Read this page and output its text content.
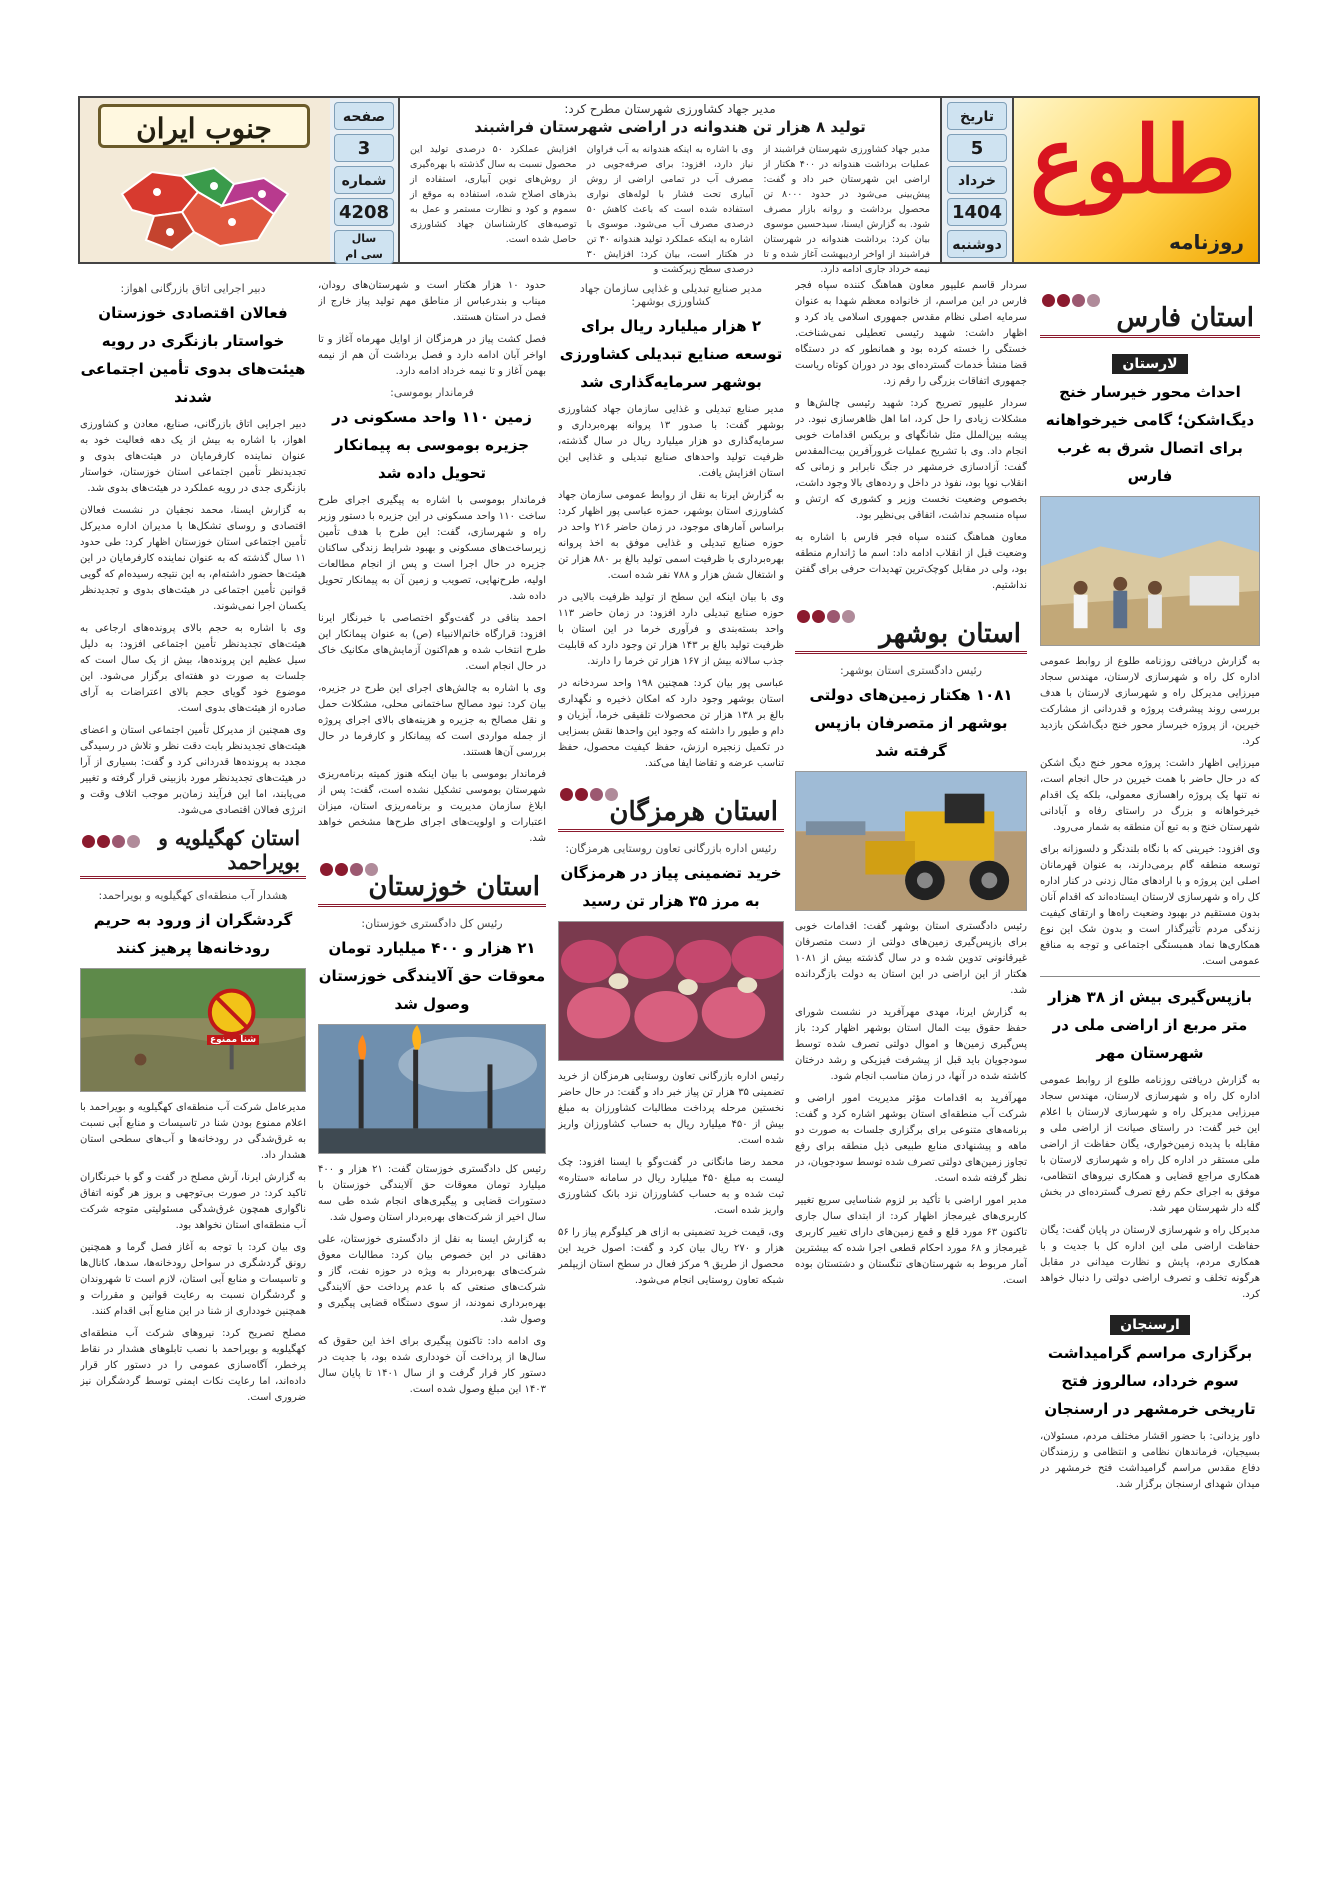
طلوع
روزنامه
تاریخ
5
خرداد
1404
دوشنبه
مدیر جهاد کشاورزی شهرستان مطرح کرد:
تولید ۸ هزار تن هندوانه در اراضی شهرستان فراشبند

مدیر جهاد کشاورزی شهرستان فراشبند از عملیات برداشت هندوانه در ۴۰۰ هکتار از اراضی این شهرستان خبر داد و گفت: پیش‌بینی می‌شود در حدود ۸۰۰۰ تن محصول برداشت و روانه بازار مصرف شود. به گزارش ایسنا، سیدحسین موسوی بیان کرد: برداشت هندوانه در شهرستان فراشبند از اواخر اردیبهشت آغاز شده و تا نیمه خرداد جاری ادامه دارد.

وی با اشاره به اینکه هندوانه به آب فراوان نیاز دارد، افزود: برای صرفه‌جویی در مصرف آب در تمامی اراضی از روش آبیاری تحت فشار با لوله‌های نواری استفاده شده است که باعث کاهش ۵۰ درصدی مصرف آب می‌شود. موسوی با اشاره به اینکه عملکرد تولید هندوانه ۴۰ تن در هکتار است، بیان کرد: افزایش ۳۰ درصدی سطح زیرکشت و

افزایش عملکرد ۵۰ درصدی تولید این محصول نسبت به سال گذشته با بهره‌گیری از روش‌های نوین آبیاری، استفاده از بذرهای اصلاح شده، استفاده به موقع از سموم و کود و نظارت مستمر و عمل به توصیه‌های کارشناسان جهاد کشاورزی حاصل شده است.

صفحه
3
شماره
4208
سال
سی ام
جنوب ایران
استان فارس
لارستان
احداث محور خیرسار خنج دیگ‌اشکن؛ گامی خیرخواهانه برای اتصال شرق به غرب فارس

به گزارش دریافتی روزنامه طلوع از روابط عمومی اداره کل راه و شهرسازی لارستان، مهندس سجاد میرزایی مدیرکل راه و شهرسازی لارستان با هدف بررسی روند پیشرفت پروژه و قدردانی از مشارکت خیرین، از پروژه خیرساز محور خنج دیگ‌اشکن بازدید کرد.

میرزایی اظهار داشت: پروژه محور خنج دیگ اشکن که در حال حاضر با همت خیرین در حال انجام است، نه تنها یک پروژه راهسازی معمولی، بلکه یک اقدام خیرخواهانه و بزرگ در راستای رفاه و آبادانی شهرستان خنج و به تبع آن منطقه به شمار می‌رود.

وی افزود: خیرینی که با نگاه بلندنگر و دلسوزانه برای توسعه منطقه گام برمی‌دارند، به عنوان قهرمانان اصلی این پروژه و با ارادهای مثال زدنی در کنار اداره کل راه و شهرسازی لارستان ایستاده‌اند که اقدام آنان بدون مستقیم در بهبود وضعیت راه‌ها و ارتقای کیفیت زندگی مردم تأثیرگذار است و بدون شک این نوع همکاری‌ها نماد همبستگی اجتماعی و توجه به منافع عمومی است.

بازپس‌گیری بیش از ۳۸ هزار متر مربع از اراضی ملی در شهرستان مهر

به گزارش دریافتی روزنامه طلوع از روابط عمومی اداره کل راه و شهرسازی لارستان، مهندس سجاد میرزایی مدیرکل راه و شهرسازی لارستان با اعلام این خبر گفت: در راستای صیانت از اراضی ملی و مقابله با پدیده زمین‌خواری، یگان حفاظت از اراضی ملی مستقر در اداره کل راه و شهرسازی لارستان با همکاری مراجع قضایی و همکاری نیروهای انتظامی، موفق به اجرای حکم رفع تصرف گسترده‌ای در بخش گله دار شهرستان مهر شد.

مدیرکل راه و شهرسازی لارستان در پایان گفت: یگان حفاظت اراضی ملی این اداره کل با جدیت و با همکاری مردم، پایش و نظارت میدانی در مقابل هرگونه تخلف و تصرف اراضی دولتی را دنبال خواهد کرد.

ارسنجان
برگزاری مراسم گرامیداشت سوم خرداد، سالروز فتح تاریخی خرمشهر در ارسنجان

داور یزدانی: با حضور اقشار مختلف مردم، مسئولان، بسیجیان، فرماندهان نظامی و انتظامی و رزمندگان دفاع مقدس مراسم گرامیداشت فتح خرمشهر در میدان شهدای ارسنجان برگزار شد.

سردار قاسم علیپور معاون هماهنگ کننده سپاه فجر فارس در این مراسم، از خانواده معظم شهدا به عنوان سرمایه اصلی نظام مقدس جمهوری اسلامی یاد کرد و اظهار داشت: شهید رئیسی تعطیلی نمی‌شناخت. خستگی را خسته کرده بود و همانطور که در دستگاه قضا منشأ خدمات گسترده‌ای بود در دوران کوتاه ریاست جمهوری اتفاقات بزرگی را رقم زد.

سردار علیپور تصریح کرد: شهید رئیسی چالش‌ها و مشکلات زیادی را حل کرد، اما اهل ظاهرسازی نبود. در پیشه بین‌الملل مثل شانگهای و بریکس اقدامات خوبی انجام داد. وی با تشریح عملیات غرورآفرین بیت‌المقدس گفت: آزادسازی خرمشهر در جنگ نابرابر و زمانی که انقلاب نوپا بود، نفوذ در داخل و رده‌های بالا وجود داشت، بخصوص وضعیت نخست وزیر و کشوری که ارتش و سپاه منسجم نداشت، اتفاقی بی‌نظیر بود.

معاون هماهنگ کننده سپاه فجر فارس با اشاره به وضعیت قبل از انقلاب ادامه داد: اسم ما ژاندارم منطقه بود، ولی در مقابل کوچک‌ترین تهدیدات حرفی برای گفتن نداشتیم.

استان بوشهر
رئیس دادگستری استان بوشهر:
۱۰۸۱ هکتار زمین‌های دولتی بوشهر از متصرفان بازپس گرفته شد

رئیس دادگستری استان بوشهر گفت: اقدامات خوبی برای بازپس‌گیری زمین‌های دولتی از دست متصرفان غیرقانونی تدوین شده و در سال گذشته بیش از ۱۰۸۱ هکتار از این اراضی در این استان به دولت بازگردانده شد.

به گزارش ایرنا، مهدی مهرآفرید در نشست شورای حفظ حقوق بیت المال استان بوشهر اظهار کرد: باز پس‌گیری زمین‌ها و اموال دولتی تصرف شده توسط سودجویان باید قبل از پیشرفت فیزیکی و رشد درختان کاشته شده در آنها، در زمان مناسب انجام شود.

مهرآفرید به اقدامات مؤثر مدیریت امور اراضی و شرکت آب منطقه‌ای استان بوشهر اشاره کرد و گفت: برنامه‌های متنوعی برای برگزاری جلسات به صورت دو ماهه و پیشنهادی منابع طبیعی ذیل منطقه برای رفع تجاوز زمین‌های دولتی تصرف شده توسط سودجویان، در نظر گرفته شده است.

مدیر امور اراضی با تأکید بر لزوم شناسایی سریع تغییر کاربری‌های غیرمجاز اظهار کرد: از ابتدای سال جاری تاکنون ۶۳ مورد قلع و قمع زمین‌های دارای تغییر کاربری غیرمجاز و ۶۸ مورد احکام قطعی اجرا شده که بیشترین آمار مربوط به شهرستان‌های تنگستان و دشتستان بوده است.

مدیر صنایع تبدیلی و غذایی سازمان جهاد کشاورزی بوشهر:
۲ هزار میلیارد ریال برای توسعه صنایع تبدیلی کشاورزی بوشهر سرمایه‌گذاری شد

مدیر صنایع تبدیلی و غذایی سازمان جهاد کشاورزی بوشهر گفت: با صدور ۱۳ پروانه بهره‌برداری و سرمایه‌گذاری دو هزار میلیارد ریال در سال گذشته، ظرفیت تولید واحدهای صنایع تبدیلی و غذایی این استان افزایش یافت.

به گزارش ایرنا به نقل از روابط عمومی سازمان جهاد کشاورزی استان بوشهر، حمزه عباسی پور اظهار کرد: براساس آمارهای موجود، در زمان حاضر ۲۱۶ واحد در حوزه صنایع تبدیلی و غذایی موفق به اخذ پروانه بهره‌برداری با ظرفیت اسمی تولید بالغ بر ۸۸۰ هزار تن و اشتغال شش هزار و ۷۸۸ نفر شده است.

وی با بیان اینکه این سطح از تولید ظرفیت بالایی در حوزه صنایع تبدیلی دارد افزود: در زمان حاضر ۱۱۳ واحد بسته‌بندی و فرآوری خرما در این استان با ظرفیت تولید بالغ بر ۱۴۳ هزار تن وجود دارد که قابلیت جذب سالانه بیش از ۱۶۷ هزار تن خرما را دارند.

عباسی پور بیان کرد: همچنین ۱۹۸ واحد سردخانه در استان بوشهر وجود دارد که امکان ذخیره و نگهداری بالغ بر ۱۳۸ هزار تن محصولات تلفیقی خرما، آبزیان و دام و طیور را داشته که وجود این واحدها نقش بسزایی در تکمیل زنجیره ارزش، حفظ کیفیت محصول، حفظ تناسب عرضه و تقاضا ایفا می‌کند.

استان هرمزگان
رئیس اداره بازرگانی تعاون روستایی هرمزگان:
خرید تضمینی پیاز در هرمزگان به مرز ۳۵ هزار تن رسید

رئیس اداره بازرگانی تعاون روستایی هرمزگان از خرید تضمینی ۳۵ هزار تن پیاز خبر داد و گفت: در حال حاضر نخستین مرحله پرداخت مطالبات کشاورزان به مبلغ بیش از ۴۵۰ میلیارد ریال به حساب کشاورزان واریز شده است.

محمد رضا مانگانی در گفت‌وگو با ایسنا افزود: چک لیست به مبلغ ۴۵۰ میلیارد ریال در سامانه «ستاره» ثبت شده و به حساب کشاورزان نزد بانک کشاورزی واریز شده است.

وی، قیمت خرید تضمینی به ازای هر کیلوگرم پیاز را ۵۶ هزار و ۲۷۰ ریال بیان کرد و گفت: اصول خرید این محصول از طریق ۹ مرکز فعال در سطح استان ازیپلمر شبکه تعاون روستایی انجام می‌شود.

حدود ۱۰ هزار هکتار است و شهرستان‌های رودان، میناب و بندرعباس از مناطق مهم تولید پیاز خارج از فصل در استان هستند.

فصل کشت پیاز در هرمزگان از اوایل مهرماه آغاز و تا اواخر آبان ادامه دارد و فصل برداشت آن هم از نیمه بهمن آغاز و تا نیمه خرداد ادامه دارد.

فرماندار بوموسی:
زمین ۱۱۰ واحد مسکونی در جزیره بوموسی به پیمانکار تحویل داده شد

فرماندار بوموسی با اشاره به پیگیری اجرای طرح ساخت ۱۱۰ واحد مسکونی در این جزیره با دستور وزیر راه و شهرسازی، گفت: این طرح با هدف تأمین زیرساخت‌های مسکونی و بهبود شرایط زندگی ساکنان جزیره در حال اجرا است و پس از انجام مطالعات اولیه، طرح‌نهایی، تصویب و زمین آن به پیمانکار تحویل داده شد.

احمد بناقی در گفت‌وگو اختصاصی با خبرنگار ایرنا افزود: قرارگاه خاتم‌الانبیاء (ص) به عنوان پیمانکار این طرح انتخاب شده و هم‌اکنون آزمایش‌های مکانیک خاک در حال انجام است.

وی با اشاره به چالش‌های اجرای این طرح در جزیره، بیان کرد: نبود مصالح ساختمانی محلی، مشکلات حمل و نقل مصالح به جزیره و هزینه‌های بالای اجرای پروژه از جمله مواردی است که پیمانکار و کارفرما در حال بررسی آن‌ها هستند.

فرماندار بوموسی با بیان اینکه هنوز کمیته برنامه‌ریزی شهرستان بوموسی تشکیل نشده است، گفت: پس از ابلاغ سازمان مدیریت و برنامه‌ریزی استان، میزان اعتبارات و اولویت‌های اجرای طرح‌ها مشخص خواهد شد.

استان خوزستان
رئیس کل دادگستری خوزستان:
۲۱ هزار و ۴۰۰ میلیارد تومان معوقات حق آلایندگی خوزستان وصول شد

رئیس کل دادگستری خوزستان گفت: ۲۱ هزار و ۴۰۰ میلیارد تومان معوقات حق آلایندگی خوزستان با دستورات قضایی و پیگیری‌های انجام شده طی سه سال اخیر از شرکت‌های بهره‌بردار استان وصول شد.

به گزارش ایسنا به نقل از دادگستری خوزستان، علی دهقانی در این خصوص بیان کرد: مطالبات معوق شرکت‌های بهره‌بردار به ویژه در حوزه نفت، گاز و شرکت‌های صنعتی که با عدم پرداخت حق آلایندگی بهره‌برداری نمودند، از سوی دستگاه قضایی پیگیری و وصول شد.

وی ادامه داد: تاکنون پیگیری برای اخذ این حقوق که سال‌ها از پرداخت آن خودداری شده بود، با جدیت در دستور کار قرار گرفت و از سال ۱۴۰۱ تا پایان سال ۱۴۰۳ این مبلغ وصول شده است.

دبیر اجرایی اتاق بازرگانی اهواز:
فعالان اقتصادی خوزستان خواستار بازنگری در رویه هیئت‌های بدوی تأمین اجتماعی شدند

دبیر اجرایی اتاق بازرگانی، صنایع، معادن و کشاورزی اهواز، با اشاره به بیش از یک دهه فعالیت خود به عنوان نماینده کارفرمایان در هیئت‌های بدوی و تجدیدنظر تأمین اجتماعی استان خوزستان، خواستار بازنگری جدی در رویه عملکرد در هیئت‌های بدوی شد.

به گزارش ایسنا، محمد نجفیان در نشست فعالان اقتصادی و روسای تشکل‌ها با مدیران اداره مدیرکل تأمین اجتماعی استان خوزستان اظهار کرد: طی حدود ۱۱ سال گذشته که به عنوان نماینده کارفرمایان در این هیئت‌ها حضور داشته‌ام، به این نتیجه رسیده‌ام که گویی قوانین تأمین اجتماعی در هیئت‌های بدوی و تجدیدنظر یکسان اجرا نمی‌شوند.

وی با اشاره به حجم بالای پرونده‌های ارجاعی به هیئت‌های تجدیدنظر تأمین اجتماعی افزود: به دلیل سیل عظیم این پرونده‌ها، بیش از یک سال است که جلسات به صورت دو هفته‌ای برگزار می‌شود. این موضوع خود گویای حجم بالای اعتراضات به آرای صادره از هیئت‌های بدوی است.

وی همچنین از مدیرکل تأمین اجتماعی استان و اعضای هیئت‌های تجدیدنظر بابت دقت نظر و تلاش در رسیدگی مجدد به پرونده‌ها قدردانی کرد و گفت: بسیاری از آرا در هیئت‌های تجدیدنظر مورد بازبینی قرار گرفته و تغییر می‌یابند، اما این فرآیند زمان‌بر موجب اتلاف وقت و انرژی فعالان اقتصادی می‌شود.

استان کهگیلویه و بویراحمد
هشدار آب منطقه‌ای کهگیلویه و بویراحمد:
گردشگران از ورود به حریم رودخانه‌ها پرهیز کنند
شنا ممنوع

مدیرعامل شرکت آب منطقه‌ای کهگیلویه و بویراحمد با اعلام ممنوع بودن شنا در تاسیسات و منابع آبی نسبت به غرق‌شدگی در رودخانه‌ها و آب‌های سطحی استان هشدار داد.

به گزارش ایرنا، آرش مصلح در گفت و گو با خبرنگاران تاکید کرد: در صورت بی‌توجهی و بروز هر گونه اتفاق ناگواری همچون غرق‌شدگی مسئولیتی متوجه شرکت آب منطقه‌ای استان نخواهد بود.

وی بیان کرد: با توجه به آغاز فصل گرما و همچنین رونق گردشگری در سواحل رودخانه‌ها، سدها، کانال‌ها و تاسیسات و منابع آبی استان، لازم است تا شهروندان و گردشگران نسبت به رعایت قوانین و مقررات و همچنین خودداری از شنا در این منابع آبی اقدام کنند.

مصلح تصریح کرد: نیروهای شرکت آب منطقه‌ای کهگیلویه و بویراحمد با نصب تابلوهای هشدار در نقاط پرخطر، آگاه‌سازی عمومی را در دستور کار قرار داده‌اند، اما رعایت نکات ایمنی توسط گردشگران نیز ضروری است.
